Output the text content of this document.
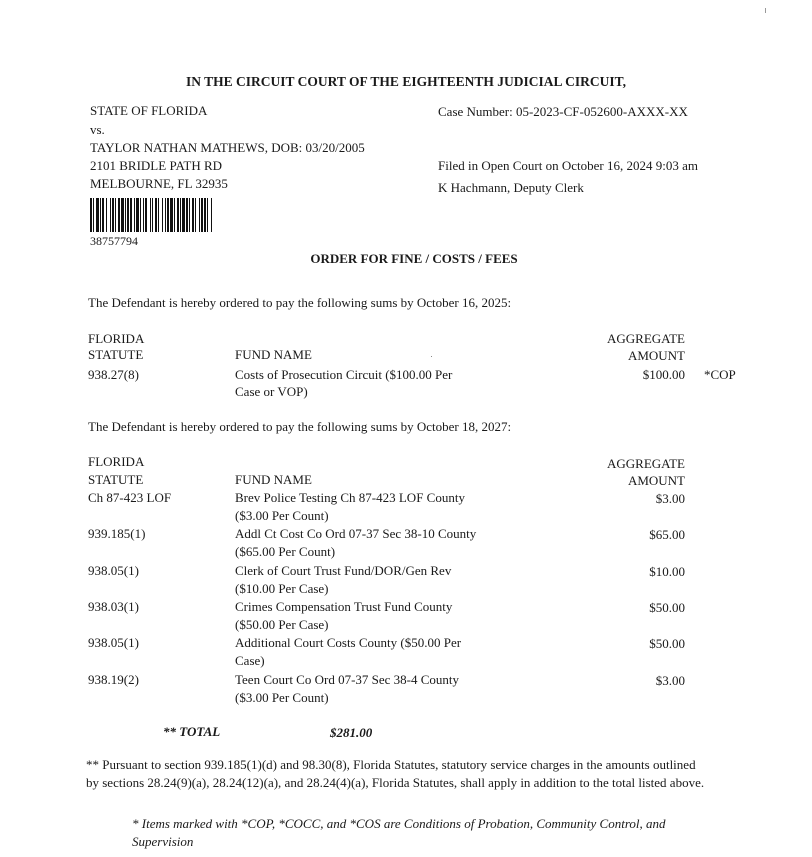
IN THE CIRCUIT COURT OF THE EIGHTEENTH JUDICIAL CIRCUIT,
STATE OF FLORIDA
vs.
TAYLOR NATHAN MATHEWS, DOB: 03/20/2005
2101 BRIDLE PATH RD
MELBOURNE, FL 32935
38757794
Case Number: 05-2023-CF-052600-AXXX-XX
Filed in Open Court on October 16, 2024 9:03 am
K Hachmann, Deputy Clerk
ORDER FOR FINE / COSTS / FEES
The Defendant is hereby ordered to pay the following sums by October 16, 2025:
FLORIDA
STATUTE	FUND NAME
AGGREGATE
AMOUNT
938.27(8)	Costs of Prosecution Circuit ($100.00 Per
Case or VOP)
$100.00 *COP
The Defendant is hereby ordered to pay the following sums by October 18, 2027:
FLORIDA
STATUTE	FUND NAME
AGGREGATE
AMOUNT
Ch 87-423 LOF	Brev Police Testing Ch 87-423 LOF County
($3.00 Per Count)
$3.00
939.185(1)	Addl Ct Cost Co Ord 07-37 Sec 38-10 County
($65.00 Per Count)
$65.00
938.05(1)	Clerk of Court Trust Fund/DOR/Gen Rev
($10.00 Per Case)
$10.00
938.03(1)	Crimes Compensation Trust Fund County
($50.00 Per Case)
$50.00
938.05(1)	Additional Court Costs County ($50.00 Per
Case)
$50.00
938.19(2)	Teen Court Co Ord 07-37 Sec 38-4 County
($3.00 Per Count)
$3.00
** TOTAL	$281.00
** Pursuant to section 939.185(1)(d) and 98.30(8), Florida Statutes, statutory service charges in the amounts outlined by sections 28.24(9)(a), 28.24(12)(a), and 28.24(4)(a), Florida Statutes, shall apply in addition to the total listed above.
* Items marked with *COP, *COCC, and *COS are Conditions of Probation, Community Control, and Supervision
